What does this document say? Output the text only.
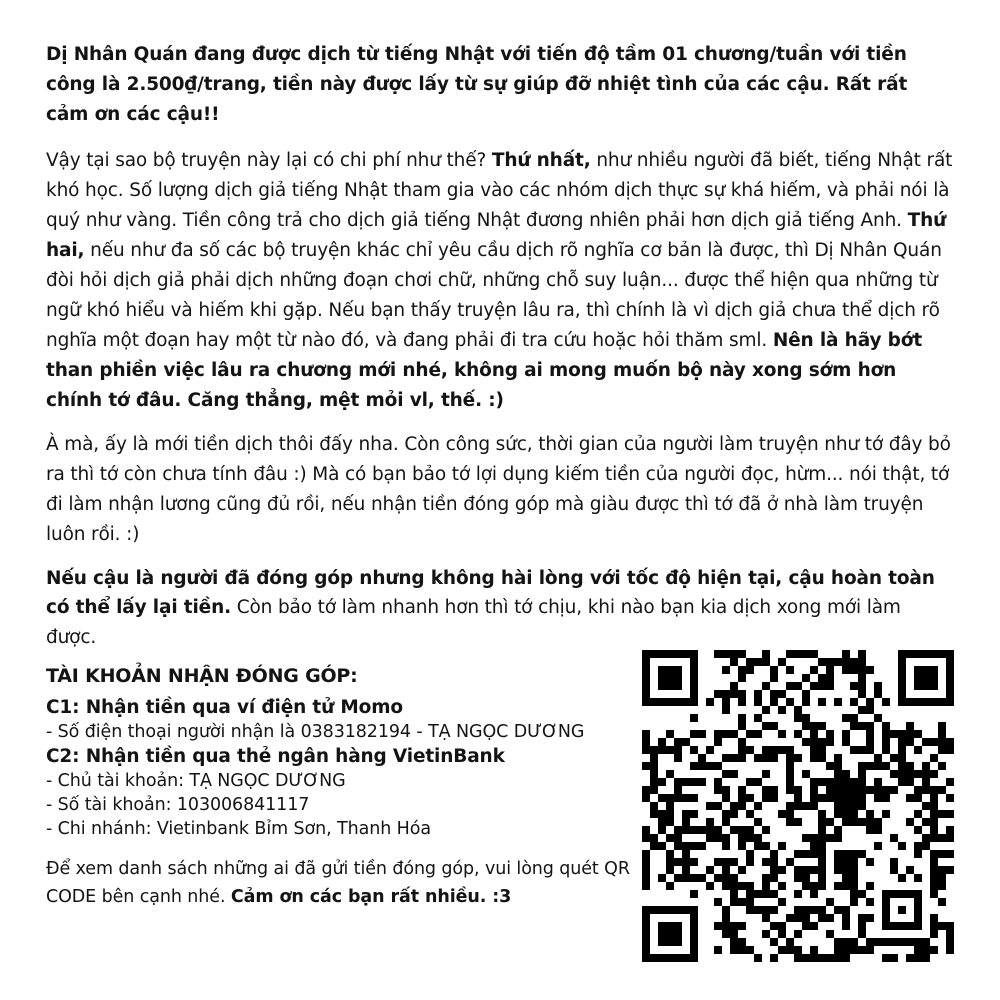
Dị Nhân Quán đang được dịch từ tiếng Nhật với tiến độ tầm 01 chương/tuần với tiền công là 2.500₫/trang, tiền này được lấy từ sự giúp đỡ nhiệt tình của các cậu. Rất rất cảm ơn các cậu!!

Vậy tại sao bộ truyện này lại có chi phí như thế? Thứ nhất, như nhiều người đã biết, tiếng Nhật rất khó học. Số lượng dịch giả tiếng Nhật tham gia vào các nhóm dịch thực sự khá hiếm, và phải nói là quý như vàng. Tiền công trả cho dịch giả tiếng Nhật đương nhiên phải hơn dịch giả tiếng Anh. Thứ hai, nếu như đa số các bộ truyện khác chỉ yêu cầu dịch rõ nghĩa cơ bản là được, thì Dị Nhân Quán đòi hỏi dịch giả phải dịch những đoạn chơi chữ, những chỗ suy luận... được thể hiện qua những từ ngữ khó hiểu và hiếm khi gặp. Nếu bạn thấy truyện lâu ra, thì chính là vì dịch giả chưa thể dịch rõ nghĩa một đoạn hay một từ nào đó, và đang phải đi tra cứu hoặc hỏi thăm sml. Nên là hãy bớt than phiền việc lâu ra chương mới nhé, không ai mong muốn bộ này xong sớm hơn chính tớ đâu. Căng thẳng, mệt mỏi vl, thế. :)

À mà, ấy là mới tiền dịch thôi đấy nha. Còn công sức, thời gian của người làm truyện như tớ đây bỏ ra thì tớ còn chưa tính đâu :) Mà có bạn bảo tớ lợi dụng kiếm tiền của người đọc, hừm... nói thật, tớ đi làm nhận lương cũng đủ rồi, nếu nhận tiền đóng góp mà giàu được thì tớ đã ở nhà làm truyện luôn rồi. :)

Nếu cậu là người đã đóng góp nhưng không hài lòng với tốc độ hiện tại, cậu hoàn toàn có thể lấy lại tiền. Còn bảo tớ làm nhanh hơn thì tớ chịu, khi nào bạn kia dịch xong mới làm được.

TÀI KHOẢN NHẬN ĐÓNG GÓP:
C1: Nhận tiền qua ví điện tử Momo
- Số điện thoại người nhận là 0383182194 - TẠ NGỌC DƯƠNG
C2: Nhận tiền qua thẻ ngân hàng VietinBank
- Chủ tài khoản: TẠ NGỌC DƯƠNG
- Số tài khoản: 103006841117
- Chi nhánh: Vietinbank Bỉm Sơn, Thanh Hóa
Để xem danh sách những ai đã gửi tiền đóng góp, vui lòng quét QR CODE bên cạnh nhé. Cảm ơn các bạn rất nhiều. :3
